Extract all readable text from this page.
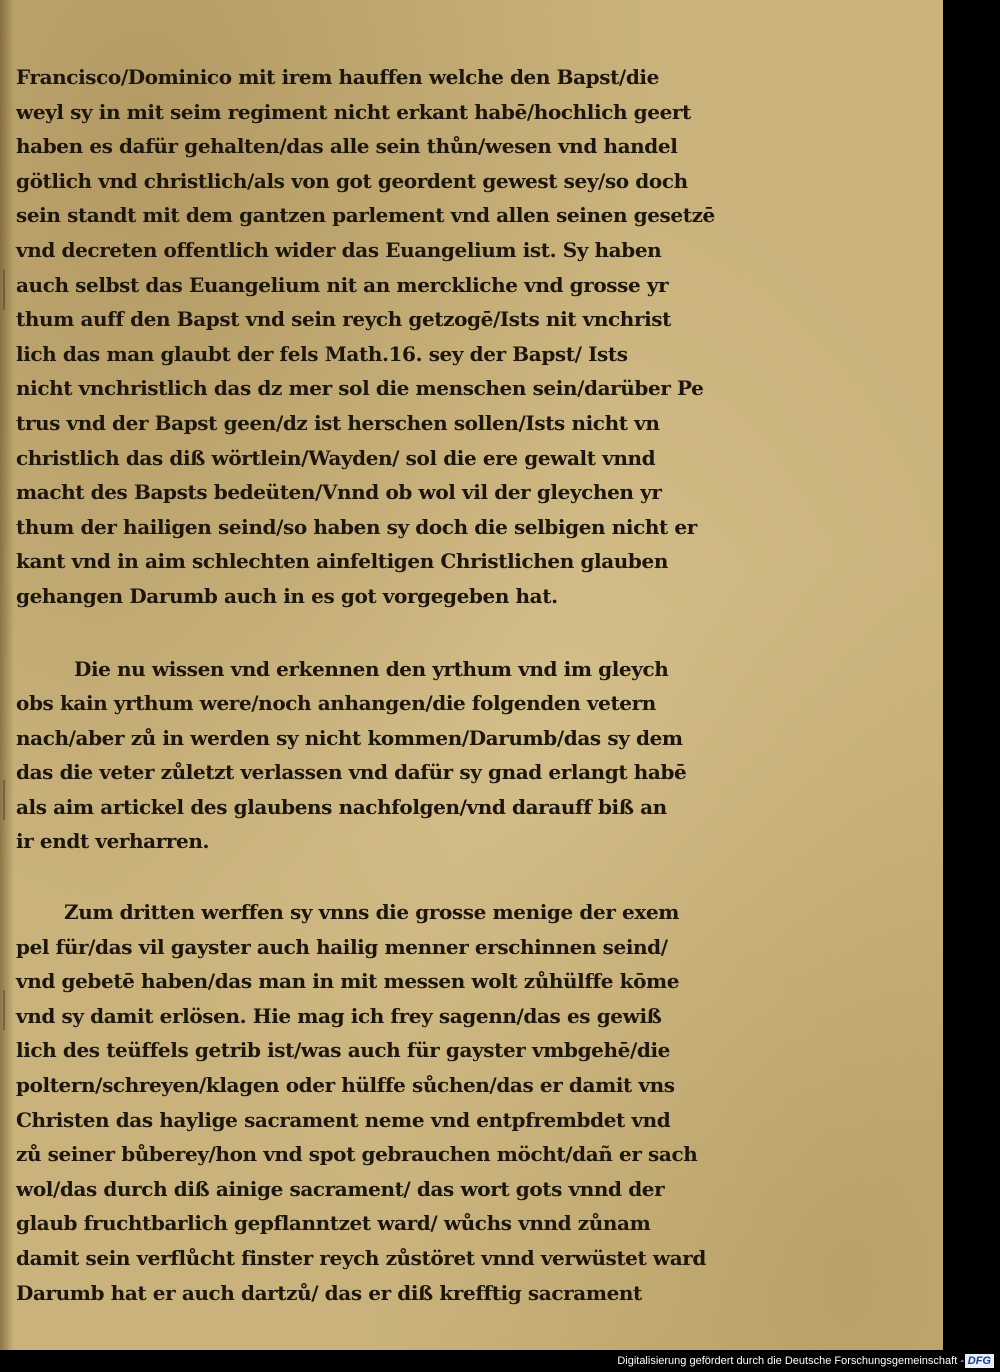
Francisco/Dominico mit irem hauffen welche den Bapst/die
weyl sy in mit seim regiment nicht erkant habē/hochlich geert
haben es dafür gehalten/das alle sein thůn/wesen vnd handel
götlich vnd christlich/als von got geordent gewest sey/so doch
sein standt mit dem gantzen parlement vnd allen seinen gesetzē
vnd decreten offentlich wider das Euangelium ist. Sy haben
auch selbst das Euangelium nit an merckliche vnd grosse yr
thum auff den Bapst vnd sein reych getzogē/Ists nit vnchrist
lich das man glaubt der fels Math.16. sey der Bapst/ Ists
nicht vnchristlich das dz mer sol die menschen sein/darüber Pe
trus vnd der Bapst geen/dz ist herschen sollen/Ists nicht vn
christlich das diß wörtlein/Wayden/ sol die ere gewalt vnnd
macht des Bapsts bedeüten/Vnnd ob wol vil der gleychen yr
thum der hailigen seind/so haben sy doch die selbigen nicht er
kant vnd in aim schlechten ainfeltigen Christlichen glauben
gehangen Darumb auch in es got vorgegeben hat.
Die nu wissen vnd erkennen den yrthum vnd im gleych
obs kain yrthum were/noch anhangen/die folgenden vetern
nach/aber zů in werden sy nicht kommen/Darumb/das sy dem
das die veter zůletzt verlassen vnd dafür sy gnad erlangt habē
als aim artickel des glaubens nachfolgen/vnd darauff biß an
ir endt verharren.
Zum dritten werffen sy vnns die grosse menige der exem
pel für/das vil gayster auch hailig menner erschinnen seind/
vnd gebetē haben/das man in mit messen wolt zůhülffe kōme
vnd sy damit erlösen. Hie mag ich frey sagenn/das es gewiß
lich des teüffels getrib ist/was auch für gayster vmbgehē/die
poltern/schreyen/klagen oder hülffe sůchen/das er damit vns
Christen das haylige sacrament neme vnd entpfrembdet vnd
zů seiner bůberey/hon vnd spot gebrauchen möcht/dañ er sach
wol/das durch diß ainige sacrament/ das wort gots vnnd der
glaub fruchtbarlich gepflanntzet ward/ wůchs vnnd zůnam
damit sein verflůcht finster reych zůstöret vnnd verwüstet ward
Darumb hat er auch dartzů/ das er diß krefftig sacrament
Digitalisierung gefördert durch die Deutsche Forschungsgemeinschaft - DFG
